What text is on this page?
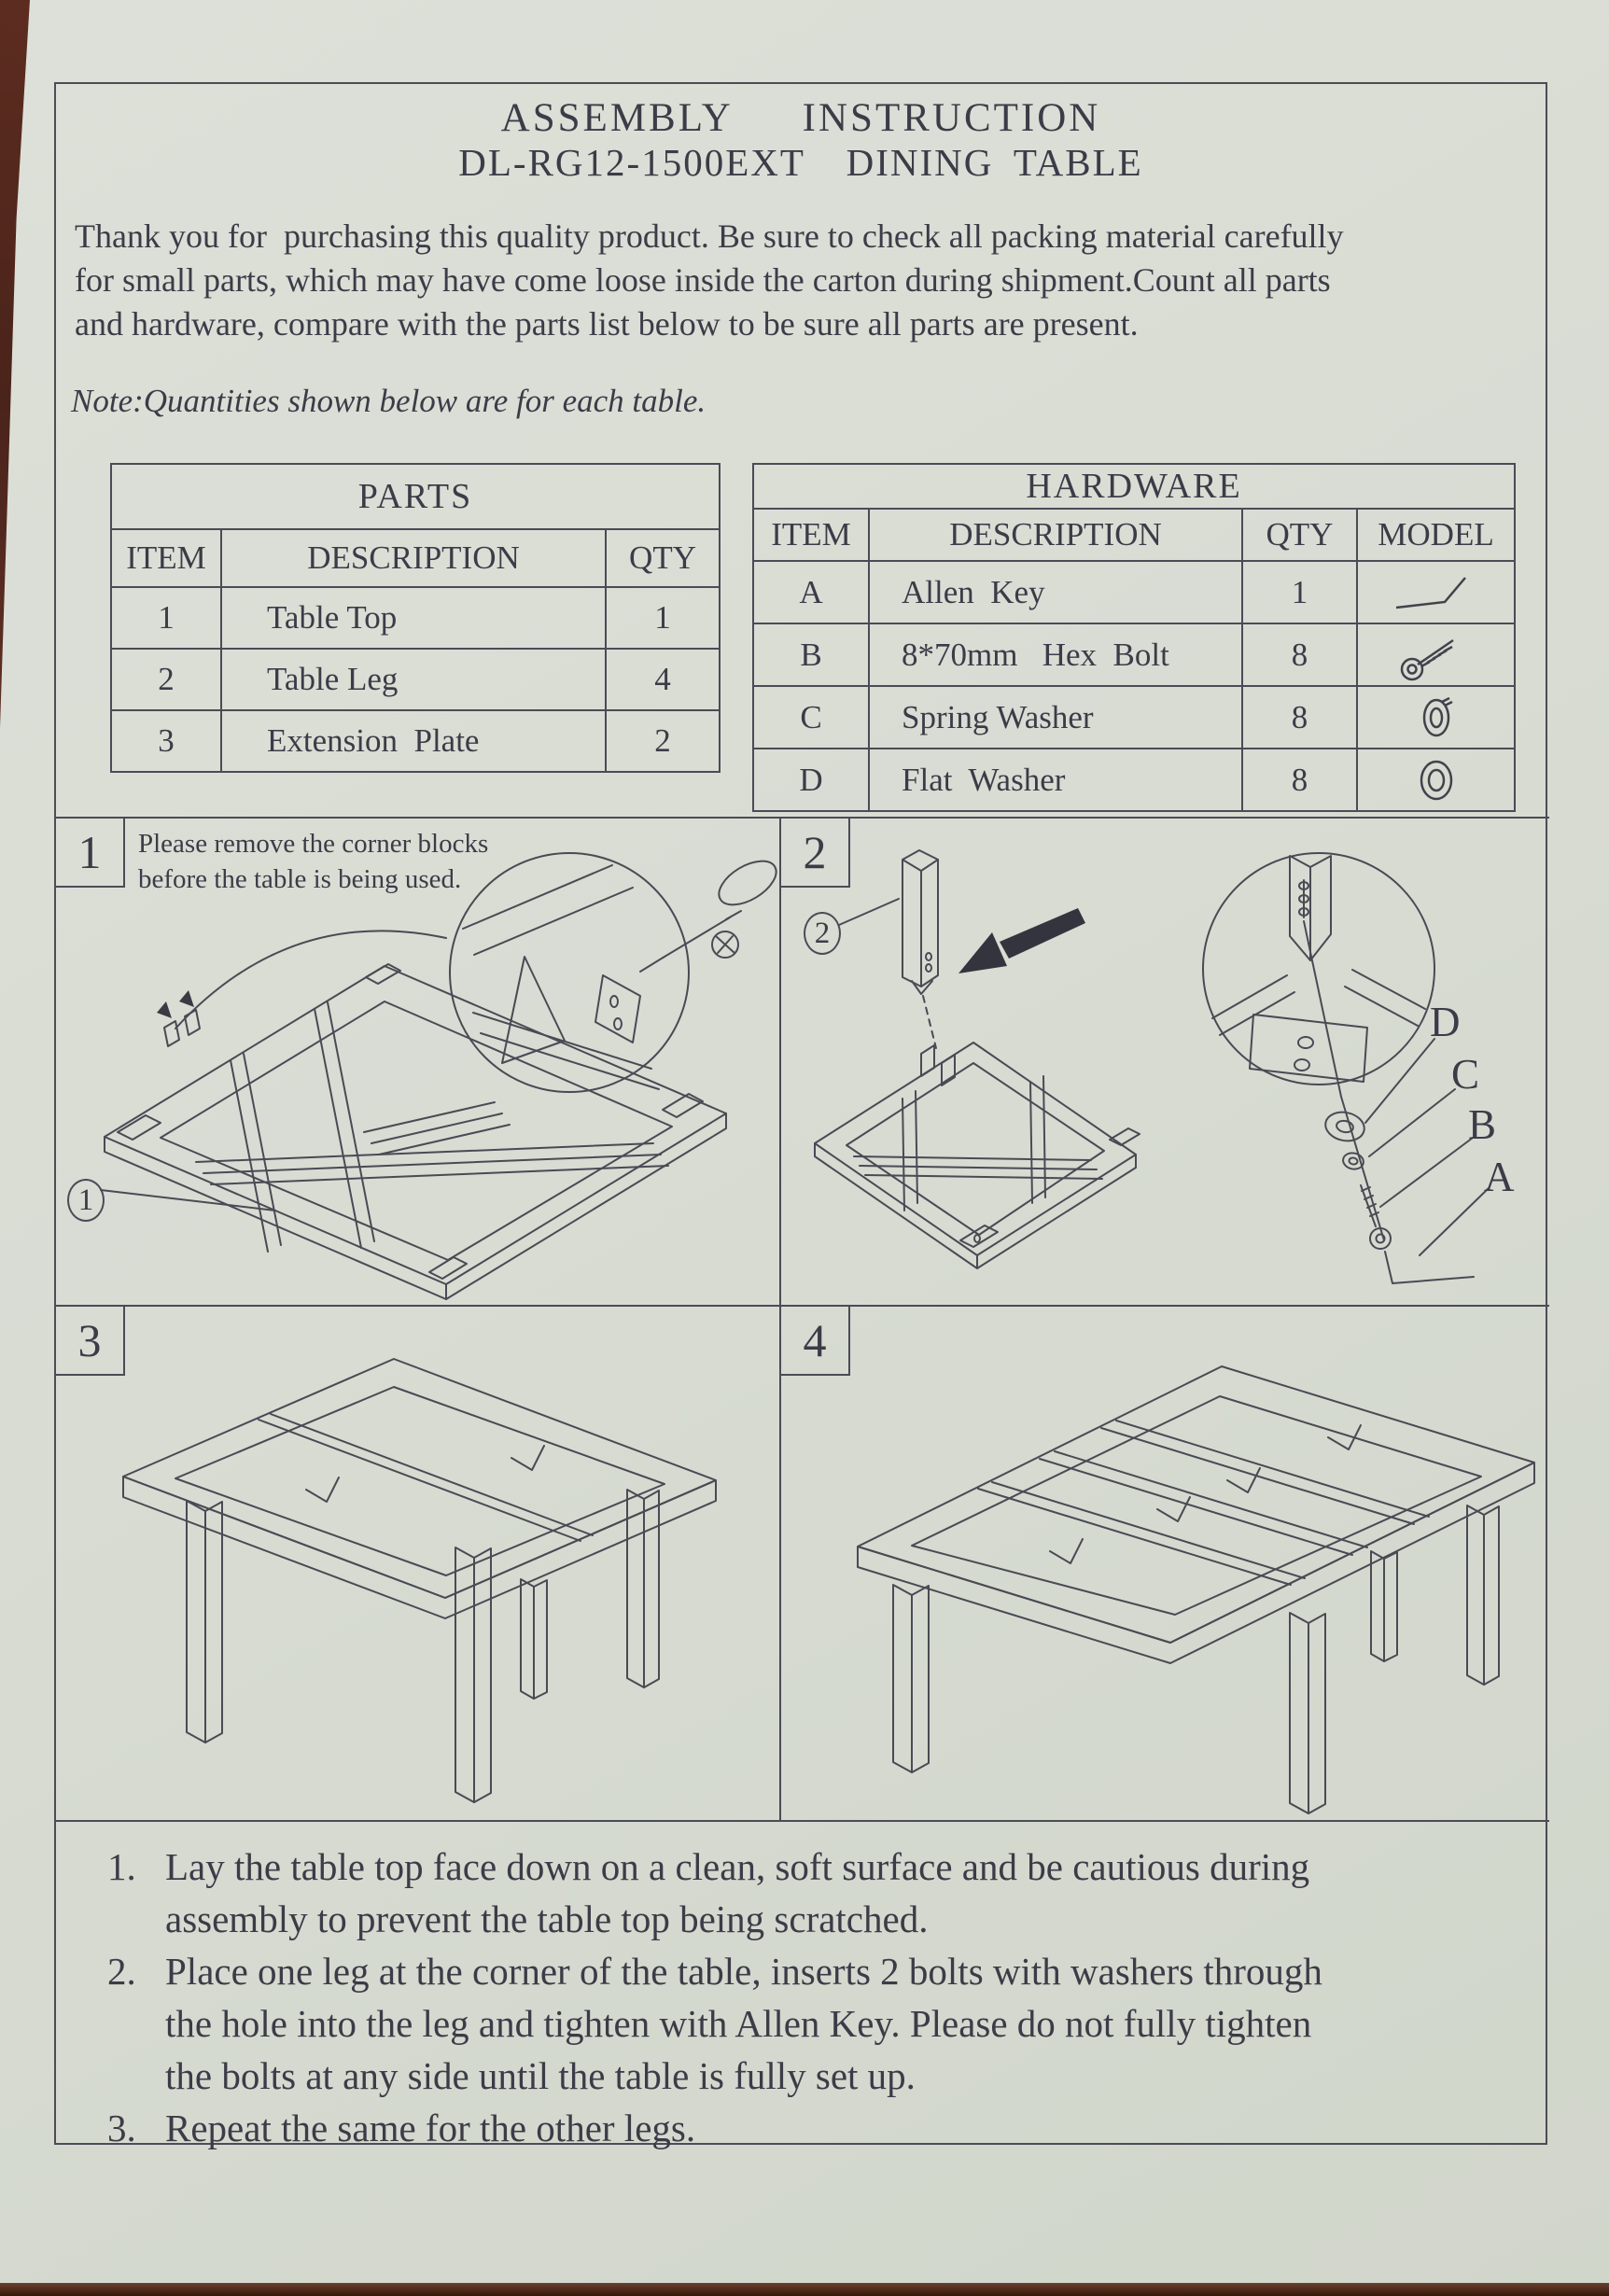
ASSEMBLY  INSTRUCTION
DL-RG12-1500EXT  DINING TABLE
Thank you for  purchasing this quality product. Be sure to check all packing material carefully
for small parts, which may have come loose inside the carton during shipment.Count all parts
and hardware, compare with the parts list below to be sure all parts are present.
Note:Quantities shown below are for each table.
PARTS		
ITEM	DESCRIPTION	QTY
1	Table Top	1
2	Table Leg	4
3	Extension  Plate	2
HARDWARE			
ITEM	DESCRIPTION	QTY	MODEL
A	Allen  Key	1	
B	8*70mm   Hex  Bolt	8	
C	Spring Washer	8	
D	Flat  Washer	8	
1	Please remove the corner blocks
before the table is being used.
1
2
2
D
C
B
A
3	4
1. Lay the table top face down on a clean, soft surface and be cautious during
assembly to prevent the table top being scratched.
2. Place one leg at the corner of the table, inserts 2 bolts with washers through
the hole into the leg and tighten with Allen Key. Please do not fully tighten
the bolts at any side until the table is fully set up.
3. Repeat the same for the other legs.
